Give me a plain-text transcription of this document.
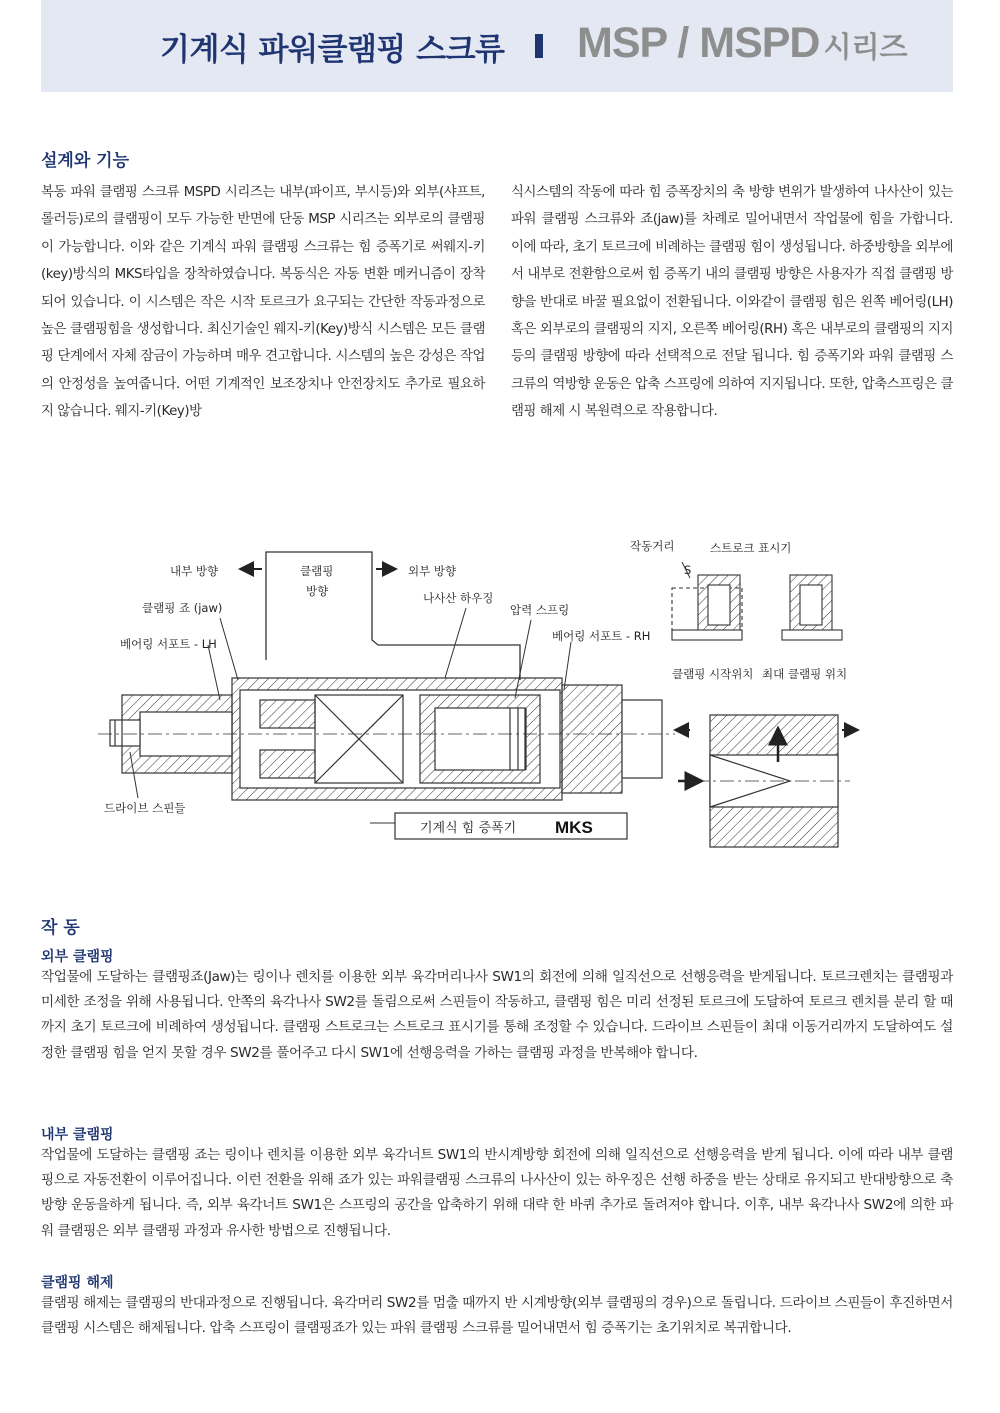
기계식 파워클램핑 스크류 MSP / MSPD 시리즈
설계와 기능
복동 파워 클램핑 스크류 MSPD 시리즈는 내부(파이프, 부시등)와 외부(샤프트, 롤러등)로의 클램핑이 모두 가능한 반면에 단동 MSP 시리즈는 외부로의 클램핑이 가능합니다. 이와 같은 기계식 파워 클램핑 스크류는 힘 증폭기로 써웨지-키(key)방식의 MKS타입을 장착하였습니다. 복동식은 자동 변환 메커니즘이 장착되어 있습니다. 이 시스템은 작은 시작 토르크가 요구되는 간단한 작동과정으로 높은 클램핑힘을 생성합니다. 최신기술인 웨지-키(Key)방식 시스템은 모든 클램핑 단계에서 자체 잠금이 가능하며 매우 견고합니다. 시스템의 높은 강성은 작업의 안정성을 높여줍니다. 어떤 기계적인 보조장치나 안전장치도 추가로 필요하지 않습니다. 웨지-키(Key)방
식시스템의 작동에 따라 힘 증폭장치의 축 방향 변위가 발생하여 나사산이 있는 파워 클램핑 스크류와 죠(jaw)를 차례로 밀어내면서 작업물에 힘을 가합니다. 이에 따라, 초기 토르크에 비례하는 클램핑 힘이 생성됩니다. 하중방향을 외부에서 내부로 전환함으로써 힘 증폭기 내의 클램핑 방향은 사용자가 직접 클램핑 방향을 반대로 바꿀 필요없이 전환됩니다. 이와같이 클램핑 힘은 왼쪽 베어링(LH)혹은 외부로의 클램핑의 지지, 오른쪽 베어링(RH) 혹은 내부로의 클램핑의 지지 등의 클램핑 방향에 따라 선택적으로 전달 됩니다. 힘 증폭기와 파워 클램핑 스크류의 역방향 운동은 압축 스프링에 의하여 지지됩니다. 또한, 압축스프링은 클램핑 해제 시 복원력으로 작용합니다.
내부 방향	클램핑
방향
외부 방향
나사산 하우징
클램핑 죠 (jaw)
베어링 서포트 - LH
압력 스프링
베어링 서포트 - RH
작동거리
S
스트로크 표시기
클램핑 시작위치 최대 클램핑 위치
드라이브 스핀들
기계식 힘 증폭기 MKS
작 동
외부 클램핑
작업물에 도달하는 클램핑죠(Jaw)는 링이나 렌치를 이용한 외부 육각머리나사 SW1의 회전에 의해 일직선으로 선행응력을 받게됩니다. 토르크렌치는 클램핑과 미세한 조정을 위해 사용됩니다. 안쪽의 육각나사 SW2를 돌림으로써 스핀들이 작동하고, 클램핑 힘은 미리 선정된 토르크에 도달하여 토르크 렌치를 분리 할 때까지 초기 토르크에 비례하여 생성됩니다. 클램핑 스트로크는 스트로크 표시기를 통해 조정할 수 있습니다. 드라이브 스핀들이 최대 이동거리까지 도달하여도 설정한 클램핑 힘을 얻지 못할 경우 SW2를 풀어주고 다시 SW1에 선행응력을 가하는 클램핑 과정을 반복해야 합니다.
내부 클램핑
작업물에 도달하는 클램핑 죠는 링이나 렌치를 이용한 외부 육각너트 SW1의 반시계방향 회전에 의해 일직선으로 선행응력을 받게 됩니다. 이에 따라 내부 클램핑으로 자동전환이 이루어집니다. 이런 전환을 위해 죠가 있는 파워클램핑 스크류의 나사산이 있는 하우징은 선행 하중을 받는 상태로 유지되고 반대방향으로 축방향 운동을하게 됩니다. 즉, 외부 육각너트 SW1은 스프링의 공간을 압축하기 위해 대략 한 바퀴 추가로 돌려져야 합니다. 이후, 내부 육각나사 SW2에 의한 파워 클램핑은 외부 클램핑 과정과 유사한 방법으로 진행됩니다.
클램핑 해제
클램핑 해제는 클램핑의 반대과정으로 진행됩니다. 육각머리 SW2를 멈출 때까지 반 시계방향(외부 클램핑의 경우)으로 돌립니다. 드라이브 스핀들이 후진하면서 클램핑 시스템은 해제됩니다. 압축 스프링이 클램핑죠가 있는 파워 클램핑 스크류를 밀어내면서 힘 증폭기는 초기위치로 복귀합니다.
